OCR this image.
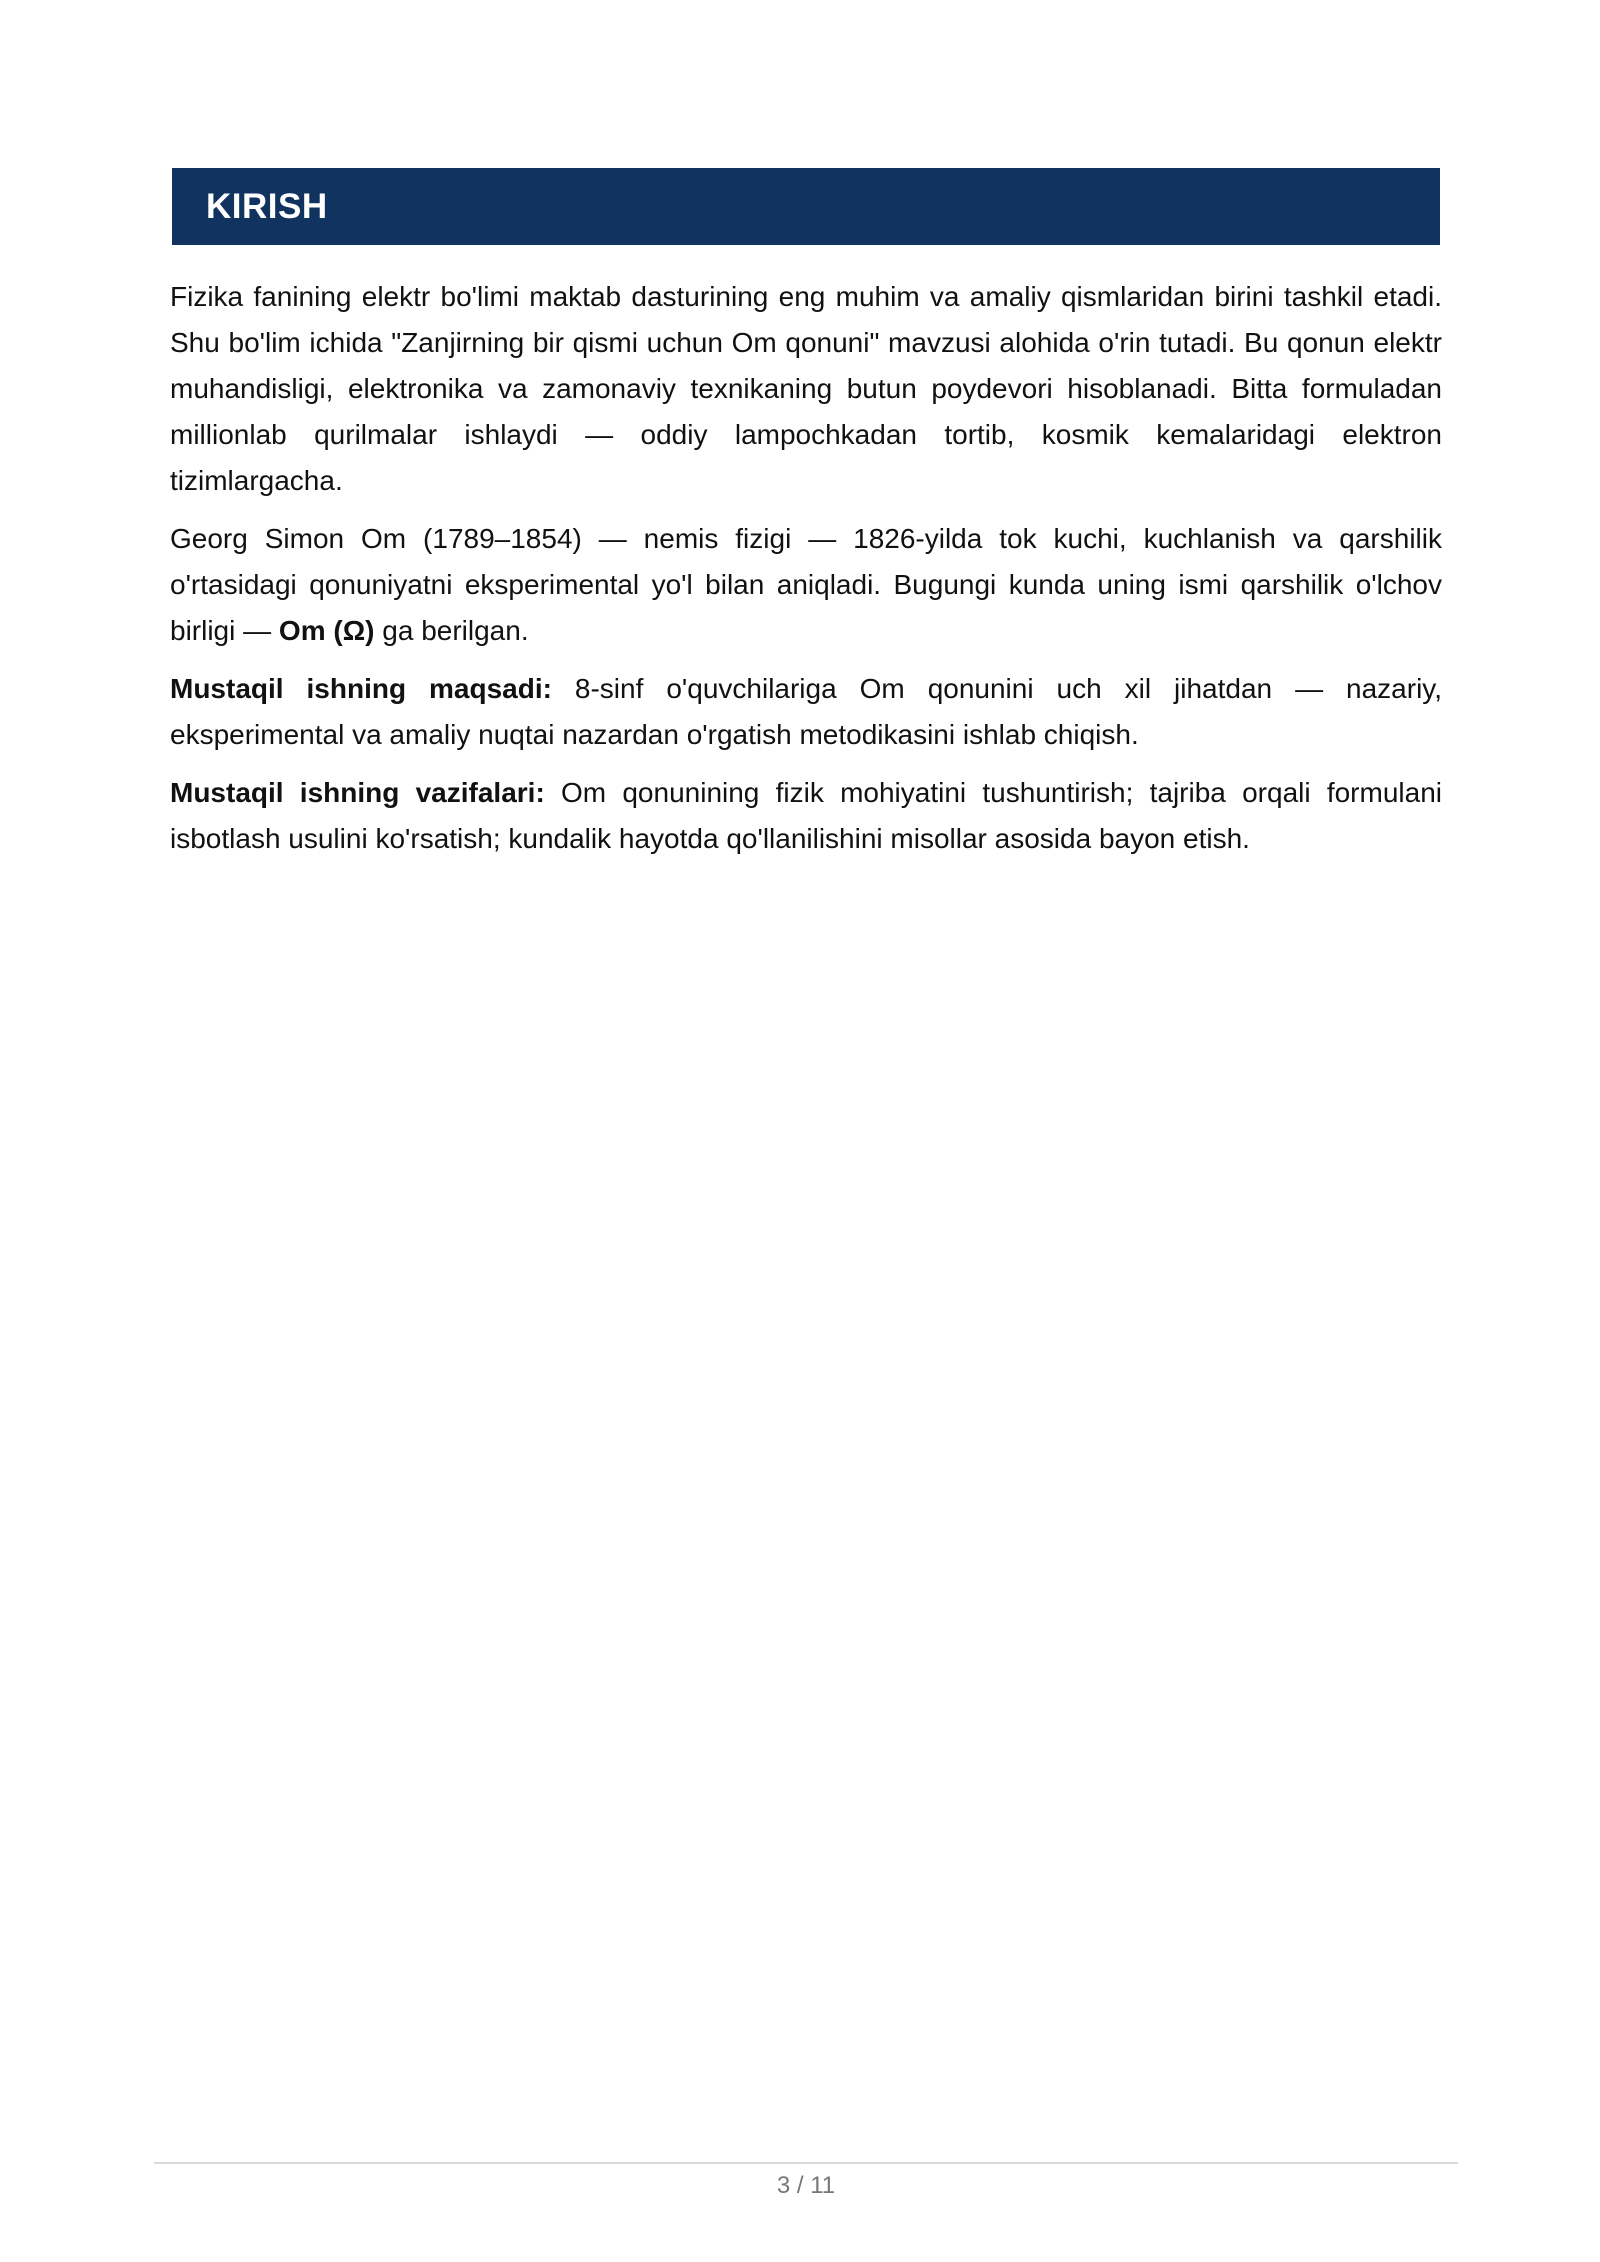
KIRISH

Fizika fanining elektr bo'limi maktab dasturining eng muhim va amaliy qismlaridan birini tashkil etadi. Shu bo'lim ichida "Zanjirning bir qismi uchun Om qonuni" mavzusi alohida o'rin tutadi. Bu qonun elektr muhandisligi, elektronika va zamonaviy texnikaning butun poydevori hisoblanadi. Bitta formuladan millionlab qurilmalar ishlaydi — oddiy lampochkadan tortib, kosmik kemalaridagi elektron tizimlargacha.

Georg Simon Om (1789–1854) — nemis fizigi — 1826-yilda tok kuchi, kuchlanish va qarshilik o'rtasidagi qonuniyatni eksperimental yo'l bilan aniqladi. Bugungi kunda uning ismi qarshilik o'lchov birligi — Om (Ω) ga berilgan.

Mustaqil ishning maqsadi: 8-sinf o'quvchilariga Om qonunini uch xil jihatdan — nazariy, eksperimental va amaliy nuqtai nazardan o'rgatish metodikasini ishlab chiqish.

Mustaqil ishning vazifalari: Om qonunining fizik mohiyatini tushuntirish; tajriba orqali formulani isbotlash usulini ko'rsatish; kundalik hayotda qo'llanilishini misollar asosida bayon etish.

3 / 11
